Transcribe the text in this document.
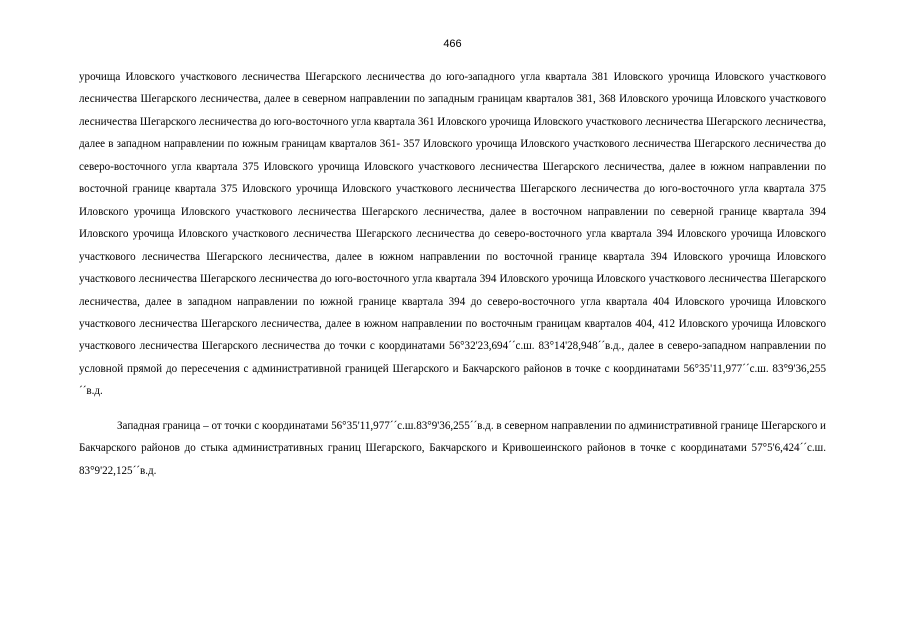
466

урочища Иловского участкового лесничества Шегарского лесничества до юго-западного угла квартала 381 Иловского урочища Иловского участкового лесничества Шегарского лесничества, далее в северном направлении по западным границам кварталов 381, 368 Иловского урочища Иловского участкового лесничества Шегарского лесничества до юго-восточного угла квартала 361 Иловского урочища Иловского участкового лесничества Шегарского лесничества, далее в западном направлении по южным границам кварталов 361- 357 Иловского урочища Иловского участкового лесничества Шегарского лесничества до северо-восточного угла квартала 375 Иловского урочища Иловского участкового лесничества Шегарского лесничества, далее в южном направлении по восточной границе квартала 375 Иловского урочища Иловского участкового лесничества Шегарского лесничества до юго-восточного угла квартала 375 Иловского урочища Иловского участкового лесничества Шегарского лесничества, далее в восточном направлении по северной границе квартала 394 Иловского урочища Иловского участкового лесничества Шегарского лесничества до северо-восточного угла квартала 394 Иловского урочища Иловского участкового лесничества Шегарского лесничества, далее в южном направлении по восточной границе квартала 394 Иловского урочища Иловского участкового лесничества Шегарского лесничества до юго-восточного угла квартала 394 Иловского урочища Иловского участкового лесничества Шегарского лесничества, далее в западном направлении по южной границе квартала 394 до северо-восточного угла квартала 404 Иловского урочища Иловского участкового лесничества Шегарского лесничества, далее в южном направлении по восточным границам кварталов 404, 412 Иловского урочища Иловского участкового лесничества Шегарского лесничества до точки с координатами 56°32'23,694´´с.ш. 83°14'28,948´´в.д., далее в северо-западном направлении по условной прямой до пересечения с административной границей Шегарского и Бакчарского районов в точке с координатами 56°35'11,977´´с.ш. 83°9'36,255´´в.д.

Западная граница – от точки с координатами 56°35'11,977´´с.ш.83°9'36,255´´в.д. в северном направлении по административной границе Шегарского и Бакчарского районов до стыка административных границ Шегарского, Бакчарского и Кривошеинского районов в точке с координатами 57°5'6,424´´с.ш. 83°9'22,125´´в.д.
